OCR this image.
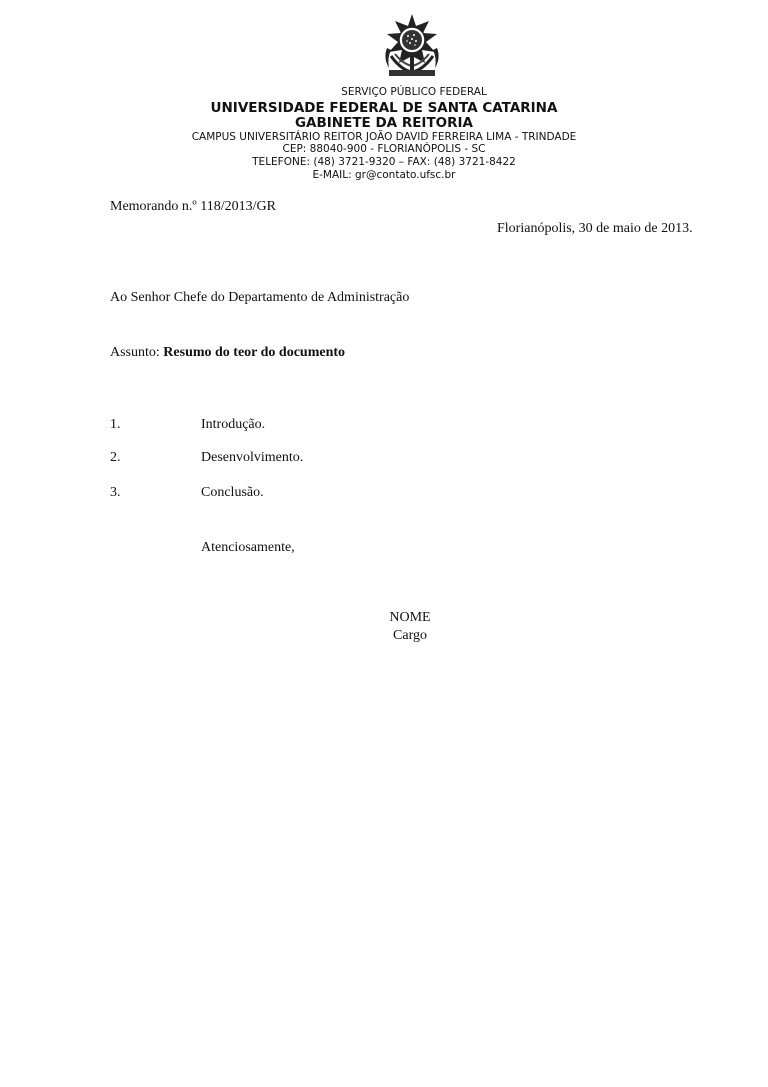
SERVIÇO PÚBLICO FEDERAL
UNIVERSIDADE FEDERAL DE SANTA CATARINA
GABINETE DA REITORIA
CAMPUS UNIVERSITÁRIO REITOR JOÃO DAVID FERREIRA LIMA - TRINDADE
CEP: 88040-900 - FLORIANÓPOLIS - SC
TELEFONE: (48) 3721-9320 – FAX: (48) 3721-8422
E-MAIL: gr@contato.ufsc.br
Memorando n.º 118/2013/GR
Florianópolis, 30 de maio de 2013.
Ao Senhor Chefe do Departamento de Administração
Assunto: Resumo do teor do documento
1.	Introdução.
2.	Desenvolvimento.
3.	Conclusão.
Atenciosamente,
NOME
Cargo
